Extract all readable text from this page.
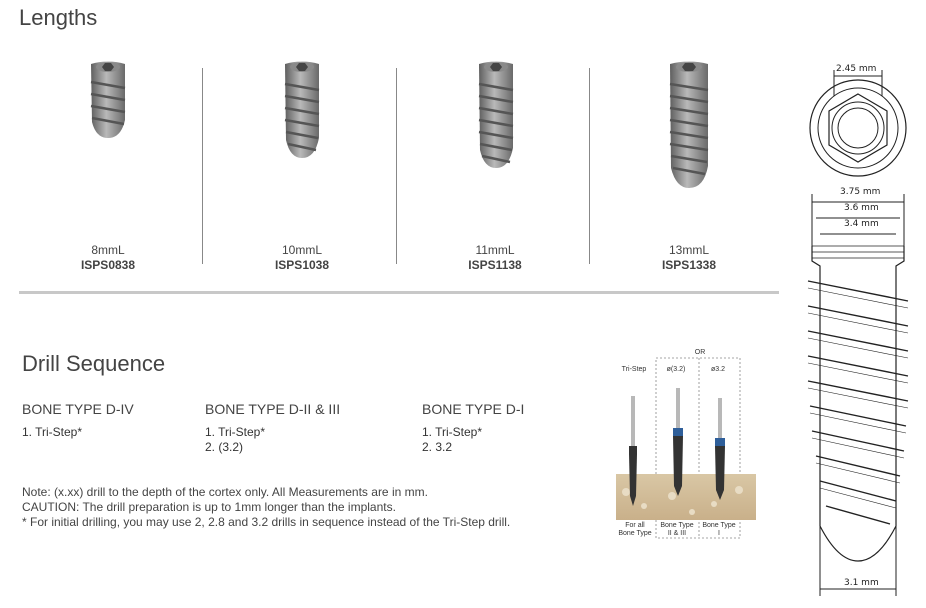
Lengths
8mmL
ISPS0838
10mmL
ISPS1038
11mmL
ISPS1138
13mmL
ISPS1338
Drill Sequence
BONE TYPE D-IV
1. Tri-Step*
BONE TYPE D-II & III
1. Tri-Step*
2. (3.2)
BONE TYPE D-I
1. Tri-Step*
2. 3.2
Note: (x.xx) drill to the depth of the cortex only. All Measurements are in mm.
CAUTION: The drill preparation is up to 1mm longer than the implants.
* For initial drilling, you may use 2, 2.8 and 3.2 drills in sequence instead of the Tri-Step drill.
OR
Tri-Step	ø(3.2)	ø3.2
For all
Bone Type
Bone Type
II & III
Bone Type
I
2.45 mm
3.75 mm
3.6 mm
3.4 mm
3.1 mm
